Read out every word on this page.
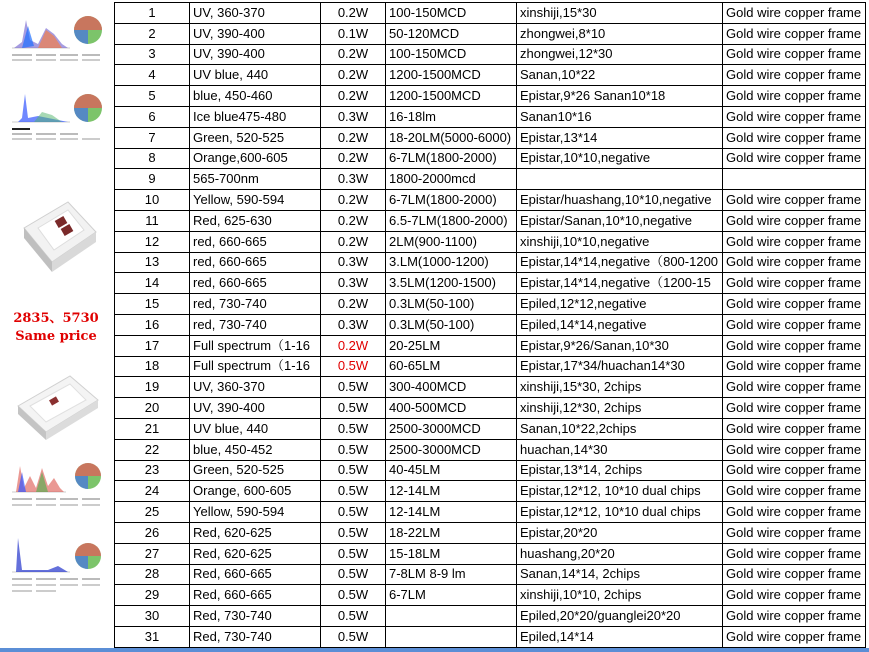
2835、5730
Same price
1	UV, 360-370	0.2W	100-150MCD	xinshiji,15*30	Gold wire copper frame
2	UV, 390-400	0.1W	50-120MCD	zhongwei,8*10	Gold wire copper frame
3	UV, 390-400	0.2W	100-150MCD	zhongwei,12*30	Gold wire copper frame
4	UV blue, 440	0.2W	1200-1500MCD	Sanan,10*22	Gold wire copper frame
5	blue, 450-460	0.2W	1200-1500MCD	Epistar,9*26 Sanan10*18	Gold wire copper frame
6	Ice blue475-480	0.3W	16-18lm	Sanan10*16	Gold wire copper frame
7	Green, 520-525	0.2W	18-20LM(5000-6000)	Epistar,13*14	Gold wire copper frame
8	Orange,600-605	0.2W	6-7LM(1800-2000)	Epistar,10*10,negative	Gold wire copper frame
9	565-700nm	0.3W	1800-2000mcd		
10	Yellow, 590-594	0.2W	6-7LM(1800-2000)	Epistar/huashang,10*10,negative	Gold wire copper frame
11	Red, 625-630	0.2W	6.5-7LM(1800-2000)	Epistar/Sanan,10*10,negative	Gold wire copper frame
12	red, 660-665	0.2W	2LM(900-1100)	xinshiji,10*10,negative	Gold wire copper frame
13	red, 660-665	0.3W	3.LM(1000-1200)	Epistar,14*14,negative（800-1200	Gold wire copper frame
14	red, 660-665	0.3W	3.5LM(1200-1500)	Epistar,14*14,negative（1200-15	Gold wire copper frame
15	red, 730-740	0.2W	0.3LM(50-100)	Epiled,12*12,negative	Gold wire copper frame
16	red, 730-740	0.3W	0.3LM(50-100)	Epiled,14*14,negative	Gold wire copper frame
17	Full spectrum（1-16	0.2W	20-25LM	Epistar,9*26/Sanan,10*30	Gold wire copper frame
18	Full spectrum（1-16	0.5W	60-65LM	Epistar,17*34/huachan14*30	Gold wire copper frame
19	UV, 360-370	0.5W	300-400MCD	xinshiji,15*30, 2chips	Gold wire copper frame
20	UV, 390-400	0.5W	400-500MCD	xinshiji,12*30, 2chips	Gold wire copper frame
21	UV blue, 440	0.5W	2500-3000MCD	Sanan,10*22,2chips	Gold wire copper frame
22	blue, 450-452	0.5W	2500-3000MCD	huachan,14*30	Gold wire copper frame
23	Green, 520-525	0.5W	40-45LM	Epistar,13*14, 2chips	Gold wire copper frame
24	Orange, 600-605	0.5W	12-14LM	Epistar,12*12, 10*10 dual chips	Gold wire copper frame
25	Yellow, 590-594	0.5W	12-14LM	Epistar,12*12, 10*10 dual chips	Gold wire copper frame
26	Red, 620-625	0.5W	18-22LM	Epistar,20*20	Gold wire copper frame
27	Red, 620-625	0.5W	15-18LM	huashang,20*20	Gold wire copper frame
28	Red, 660-665	0.5W	7-8LM 8-9 lm	Sanan,14*14, 2chips	Gold wire copper frame
29	Red, 660-665	0.5W	6-7LM	xinshiji,10*10, 2chips	Gold wire copper frame
30	Red, 730-740	0.5W		Epiled,20*20/guanglei20*20	Gold wire copper frame
31	Red, 730-740	0.5W		Epiled,14*14	Gold wire copper frame
